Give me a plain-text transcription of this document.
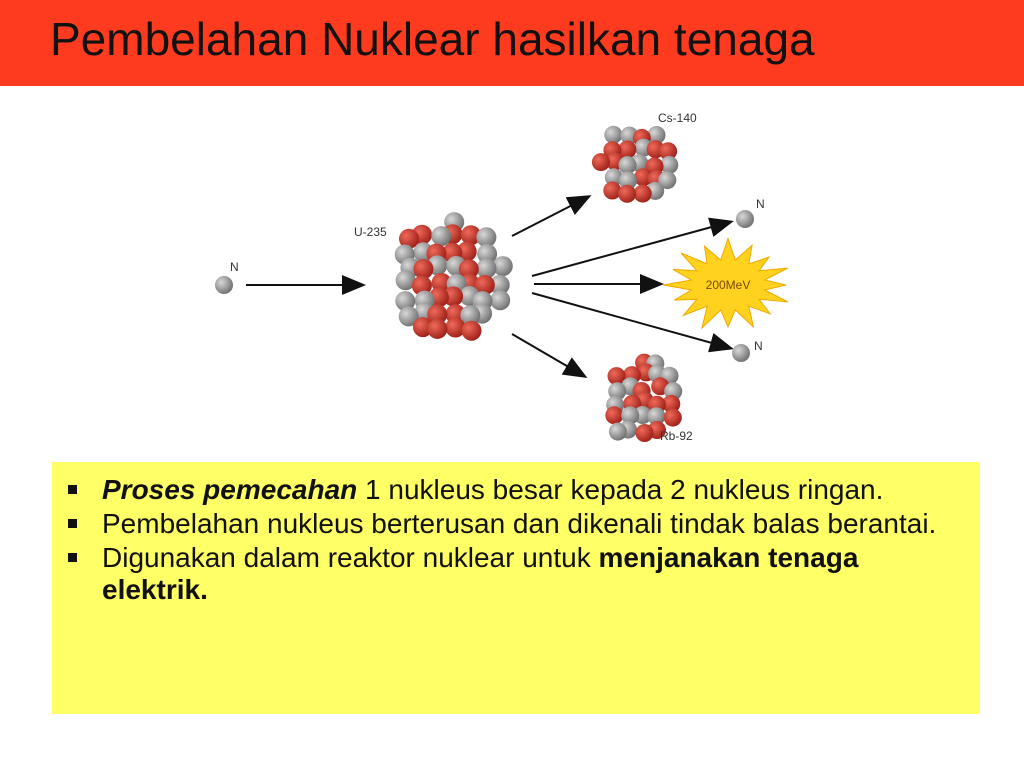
Pembelahan Nuklear hasilkan tenaga
N
U-235
Cs-140
Rb-92
N
N
200MeV
Proses pemecahan 1 nukleus besar kepada 2 nukleus ringan.
Pembelahan nukleus berterusan dan dikenali tindak balas berantai.
Digunakan dalam reaktor nuklear untuk menjanakan tenaga elektrik.
